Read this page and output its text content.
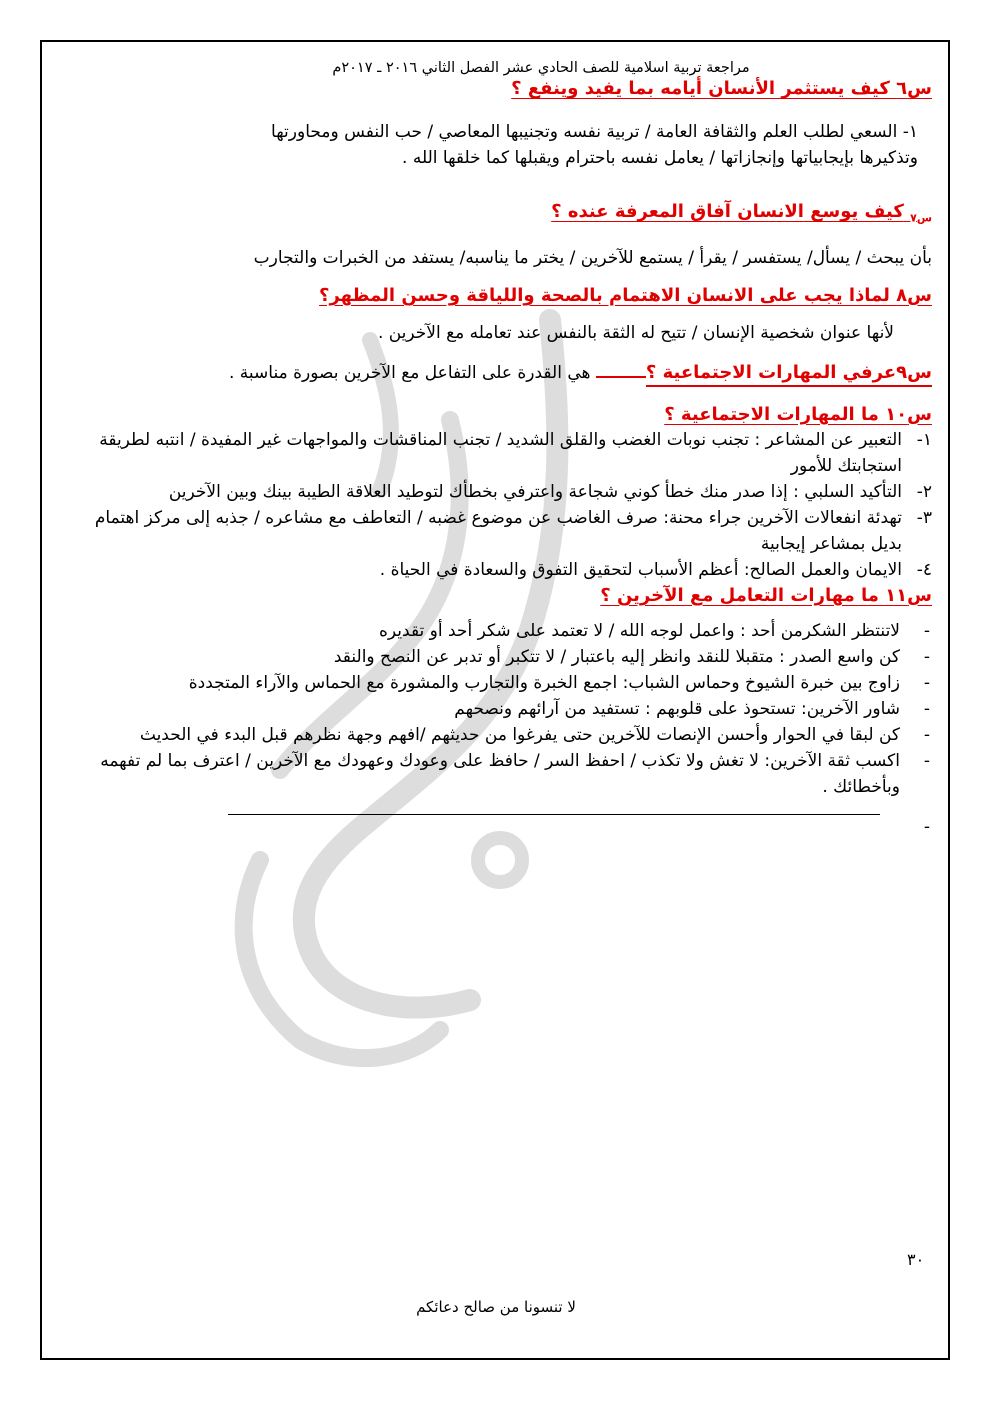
مراجعة تربية اسلامية للصف الحادي عشر الفصل الثاني ٢٠١٦ ـ ٢٠١٧م

س٦ كيف يستثمر الأنسان أيامه بما يفيد وينفع ؟

١- السعي لطلب العلم والثقافة العامة / تربية نفسه وتجنيبها المعاصي / حب النفس ومحاورتها

وتذكيرها بإيجابياتها وإنجازاتها / يعامل نفسه باحترام ويقبلها كما خلقها الله .

$_{س٧}$ كيف يوسع الانسان آفاق المعرفة عنده ؟

بأن يبحث / يسأل/ يستفسر / يقرأ / يستمع للآخرين / يختر ما يناسبه/ يستفد من الخبرات والتجارب

س٨ لماذا يجب على الانسان الاهتمام بالصحة واللياقة وحسن المظهر؟

لأنها عنوان شخصية الإنسان / تتيح له الثقة بالنفس عند تعامله مع الآخرين .

س٩عرفي المهارات الاجتماعية ؟ هي القدرة على التفاعل مع الآخرين بصورة مناسبة .

س١٠ ما المهارات الاجتماعية ؟

١-
التعبير عن المشاعر : تجنب نوبات الغضب والقلق الشديد / تجنب المناقشات والمواجهات غير المفيدة / انتبه لطريقة استجابتك للأمور
٢-
التأكيد السلبي : إذا صدر منك خطأ كوني شجاعة واعترفي بخطأك لتوطيد العلاقة الطيبة بينك وبين الآخرين
٣-
تهدئة انفعالات الآخرين جراء محنة: صرف الغاضب عن موضوع غضبه / التعاطف مع مشاعره / جذبه إلى مركز اهتمام بديل بمشاعر إيجابية
٤-
الايمان والعمل الصالح: أعظم الأسباب لتحقيق التفوق والسعادة في الحياة .

س١١ ما مهارات التعامل مع الآخرين ؟

-
لاتنتظر الشكرمن أحد : واعمل لوجه الله / لا تعتمد على شكر أحد أو تقديره
-
كن واسع الصدر : متقبلا للنقد وانظر إليه باعتبار / لا تتكبر أو تدبر عن النصح والنقد
-
زاوج بين خبرة الشيوخ وحماس الشباب: اجمع الخبرة والتجارب والمشورة مع الحماس والآراء المتجددة
-
شاور الآخرين: تستحوذ على قلوبهم : تستفيد من آرائهم ونصحهم
-
كن لبقا في الحوار وأحسن الإنصات للآخرين حتى يفرغوا من حديثهم /افهم وجهة نظرهم قبل البدء في الحديث
-
اكسب ثقة الآخرين: لا تغش ولا تكذب / احفظ السر / حافظ على وعودك وعهودك مع الآخرين / اعترف بما لم تفهمه وبأخطائك .
-
٣٠
لا تنسونا من صالح دعائكم
